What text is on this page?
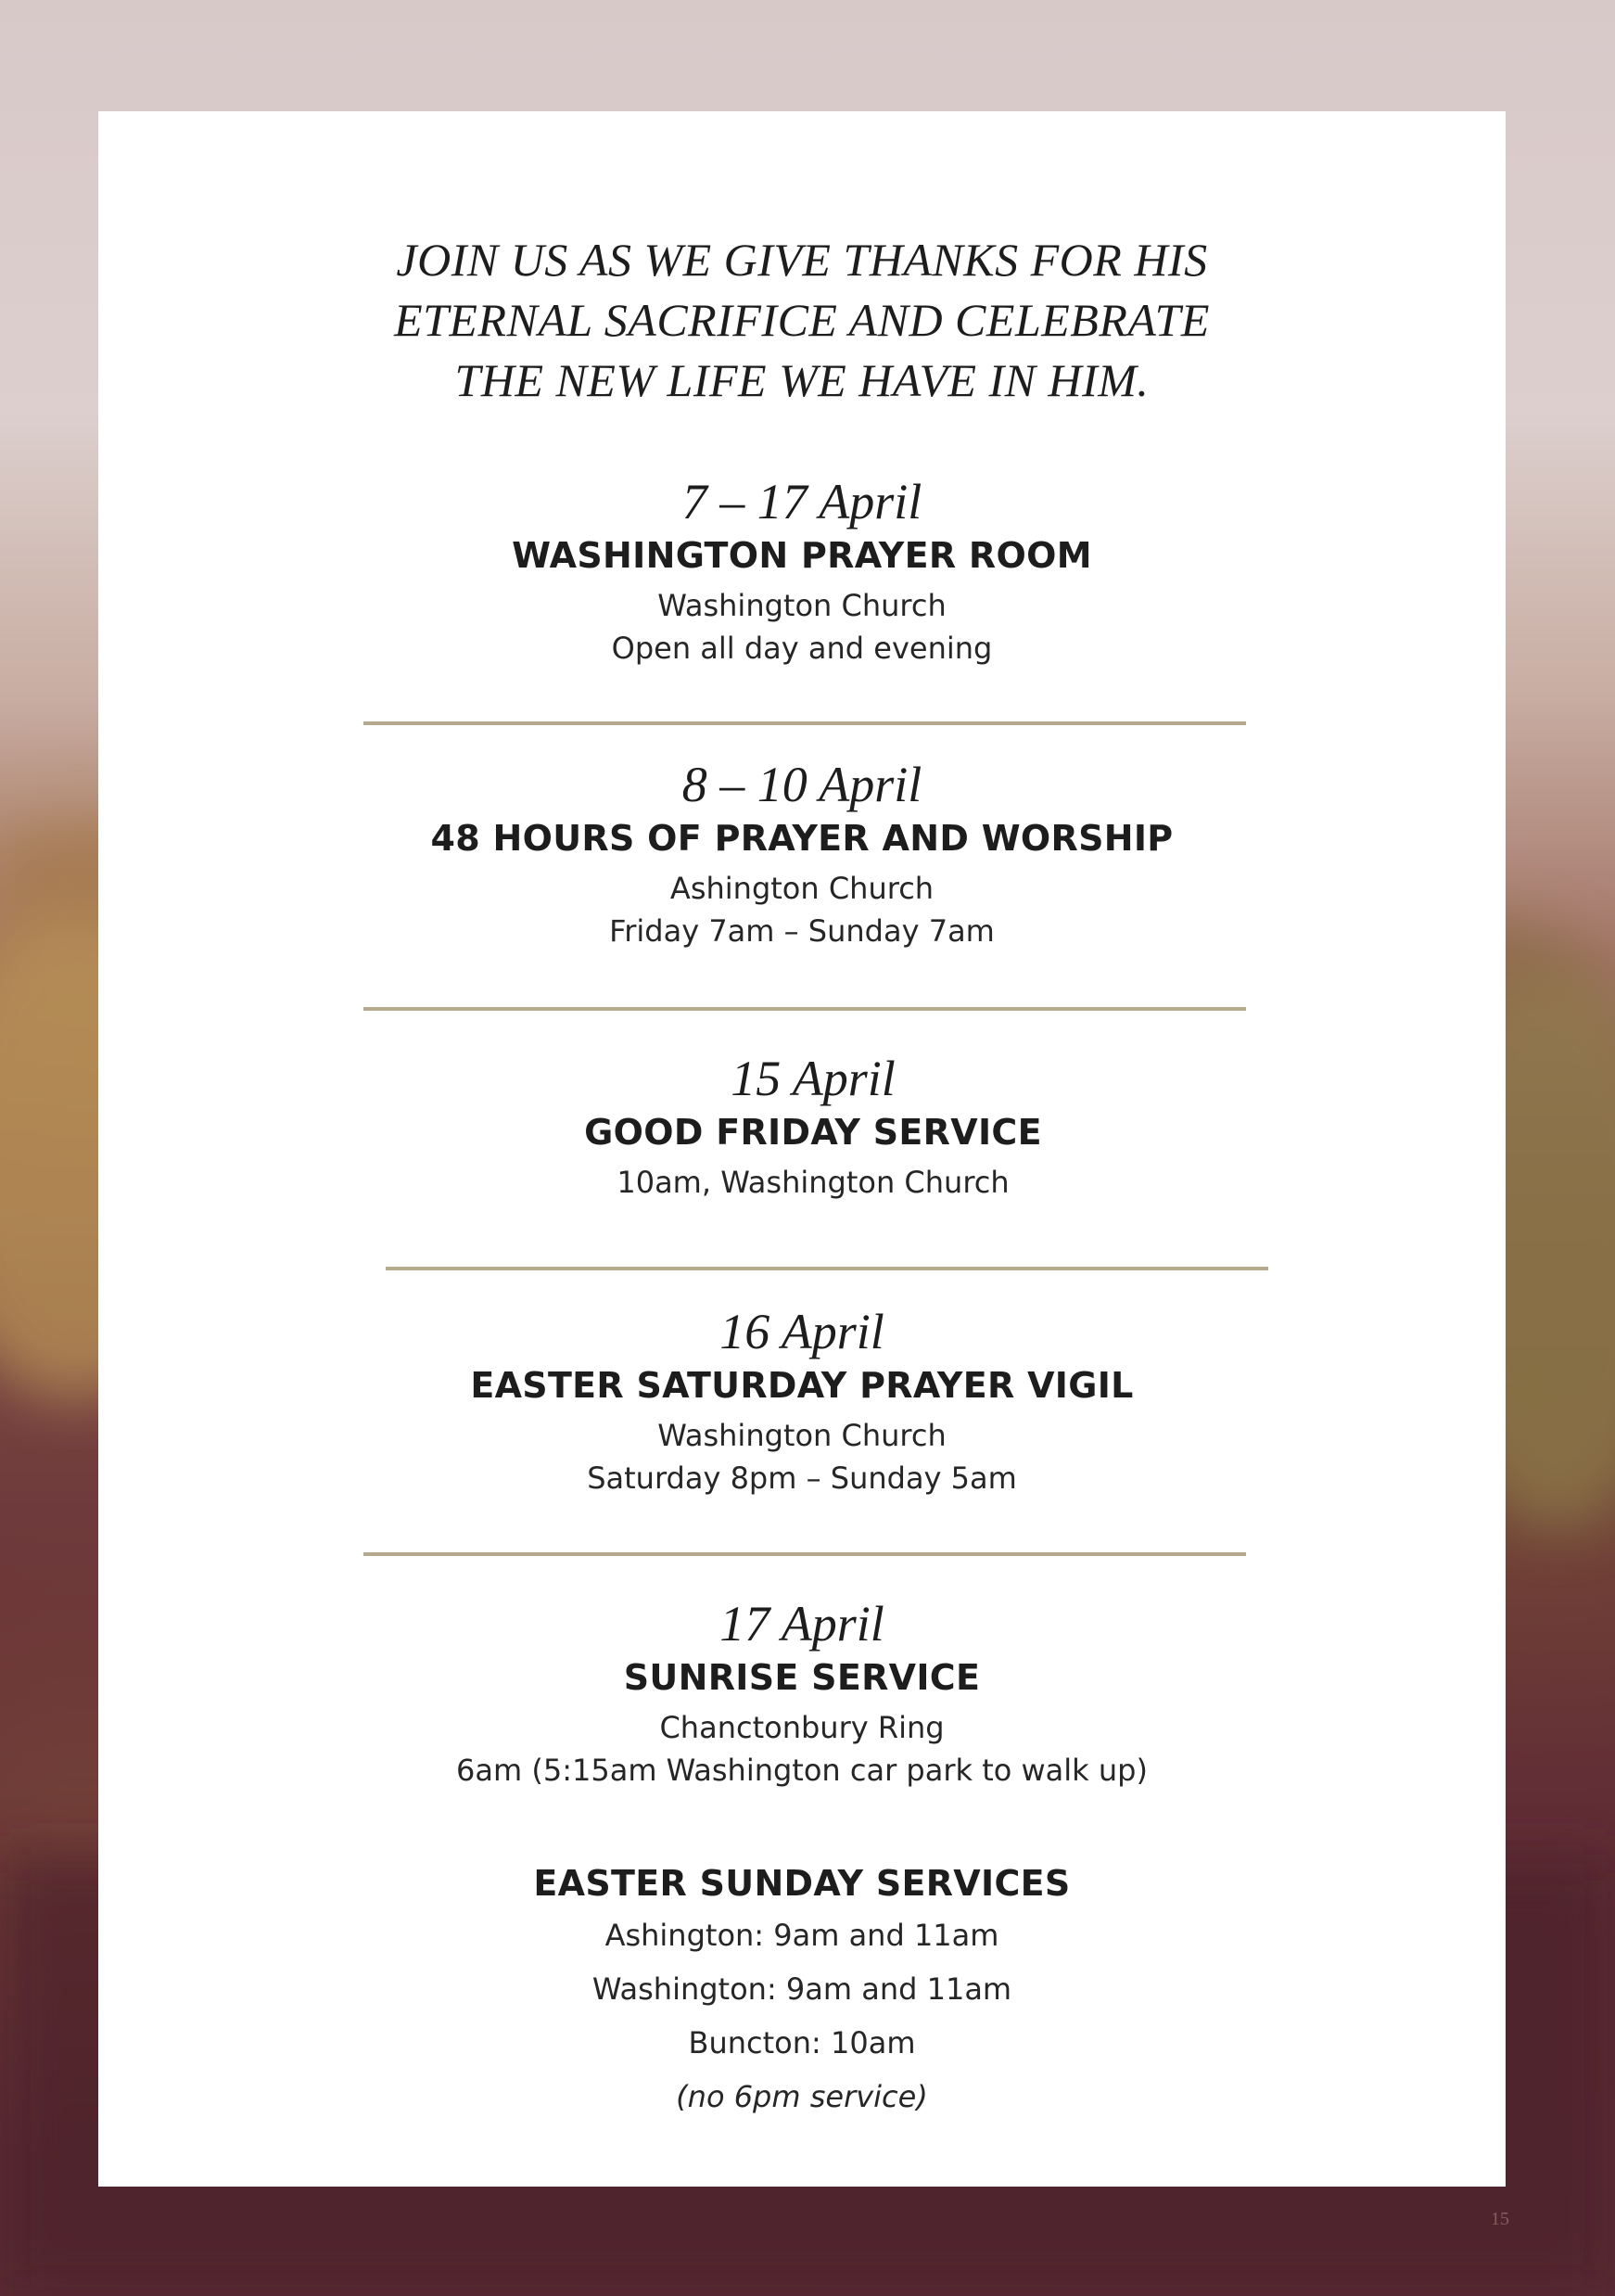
JOIN US AS WE GIVE THANKS FOR HIS
ETERNAL SACRIFICE AND CELEBRATE
THE NEW LIFE WE HAVE IN HIM.
7 – 17 April
WASHINGTON PRAYER ROOM
Washington Church
Open all day and evening
8 – 10 April
48 HOURS OF PRAYER AND WORSHIP
Ashington Church
Friday 7am – Sunday 7am
15 April
GOOD FRIDAY SERVICE
10am, Washington Church
16 April
EASTER SATURDAY PRAYER VIGIL
Washington Church
Saturday 8pm – Sunday 5am
17 April
SUNRISE SERVICE
Chanctonbury Ring
6am (5:15am Washington car park to walk up)
EASTER SUNDAY SERVICES
Ashington: 9am and 11am
Washington: 9am and 11am
Buncton: 10am
(no 6pm service)
15
